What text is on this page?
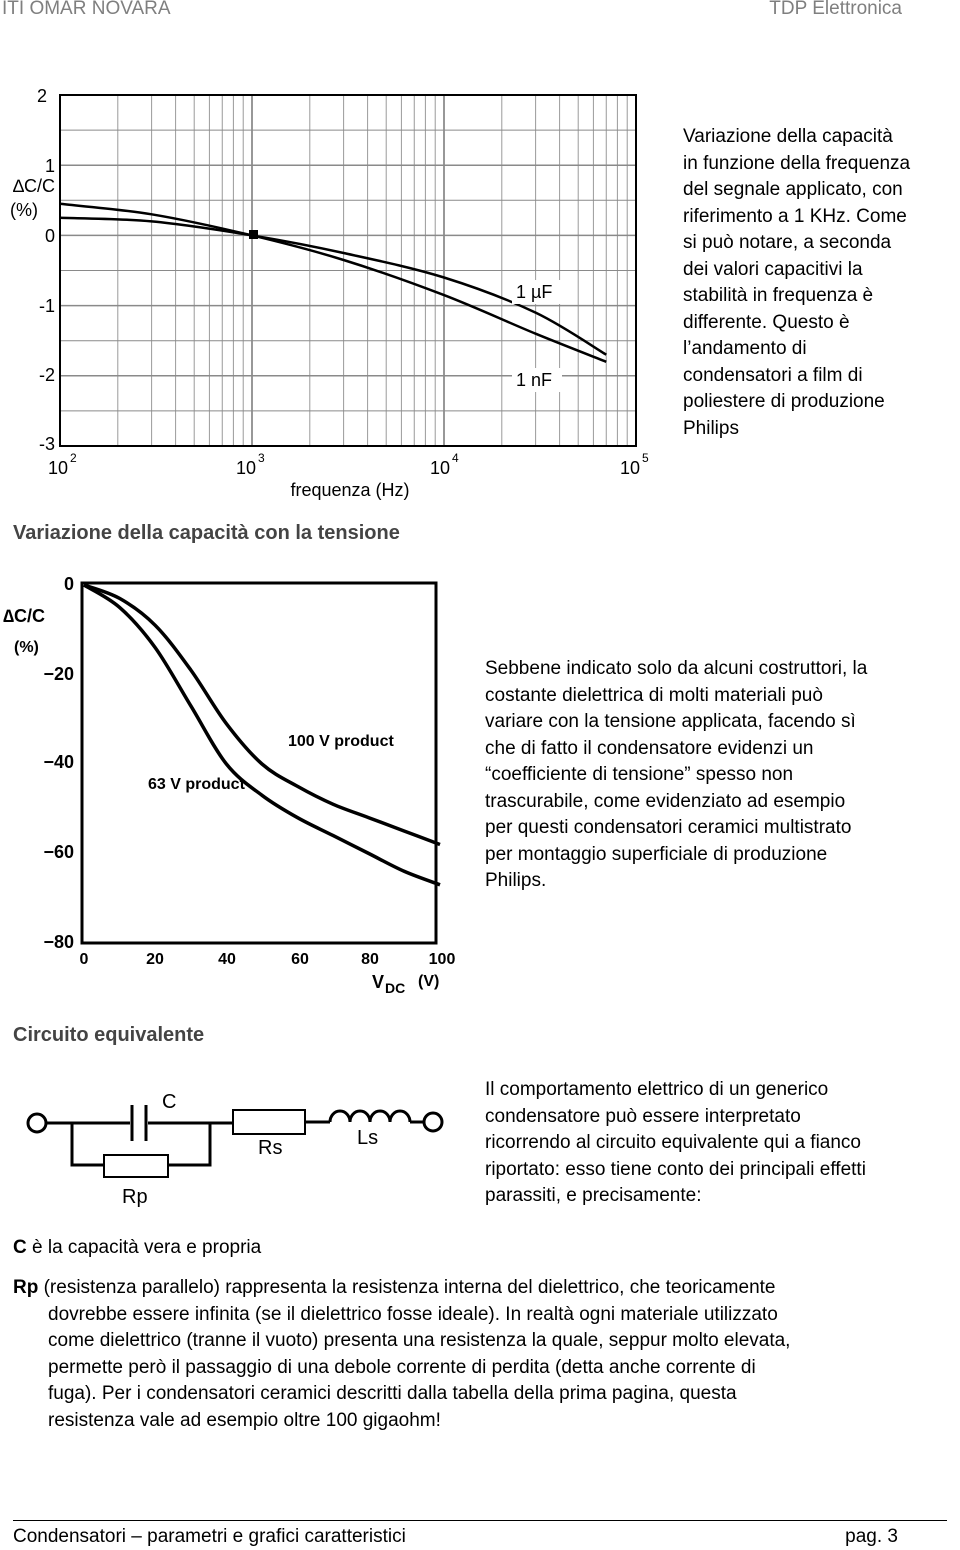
ITI OMAR NOVARA	TDP Elettronica
∆C/C
(%)
2
1
0
-1
-2
-3
10 2	10 3	10 4	10 5
frequenza (Hz)
1 µF
1 nF
Variazione della capacità
in funzione della frequenza
del segnale applicato, con
riferimento a 1 KHz. Come
si può notare, a seconda
dei valori capacitivi la
stabilità in frequenza è
differente. Questo è
l’andamento di
condensatori a film di
poliestere di produzione
Philips
Variazione della capacità con la tensione
∆C/C
(%)
0
−20
−40
−60
−80
0	20	40	60	80	100
V DC (V)
100 V product
63 V product
Sebbene indicato solo da alcuni costruttori, la
costante dielettrica di molti materiali può
variare con la tensione applicata, facendo sì
che di fatto il condensatore evidenzi un
“coefficiente di tensione” spesso non
trascurabile, come evidenziato ad esempio
per questi condensatori ceramici multistrato
per montaggio superficiale di produzione
Philips.
Circuito equivalente
C
Rs	Ls
Rp
Il comportamento elettrico di un generico
condensatore può essere interpretato
ricorrendo al circuito equivalente qui a fianco
riportato: esso tiene conto dei principali effetti
parassiti, e precisamente:
C è la capacità vera e propria
Rp (resistenza parallelo) rappresenta la resistenza interna del dielettrico, che teoricamente
dovrebbe essere infinita (se il dielettrico fosse ideale). In realtà ogni materiale utilizzato
come dielettrico (tranne il vuoto) presenta una resistenza la quale, seppur molto elevata,
permette però il passaggio di una debole corrente di perdita (detta anche corrente di
fuga). Per i condensatori ceramici descritti dalla tabella della prima pagina, questa
resistenza vale ad esempio oltre 100 gigaohm!
Condensatori – parametri e grafici caratteristici	pag. 3
